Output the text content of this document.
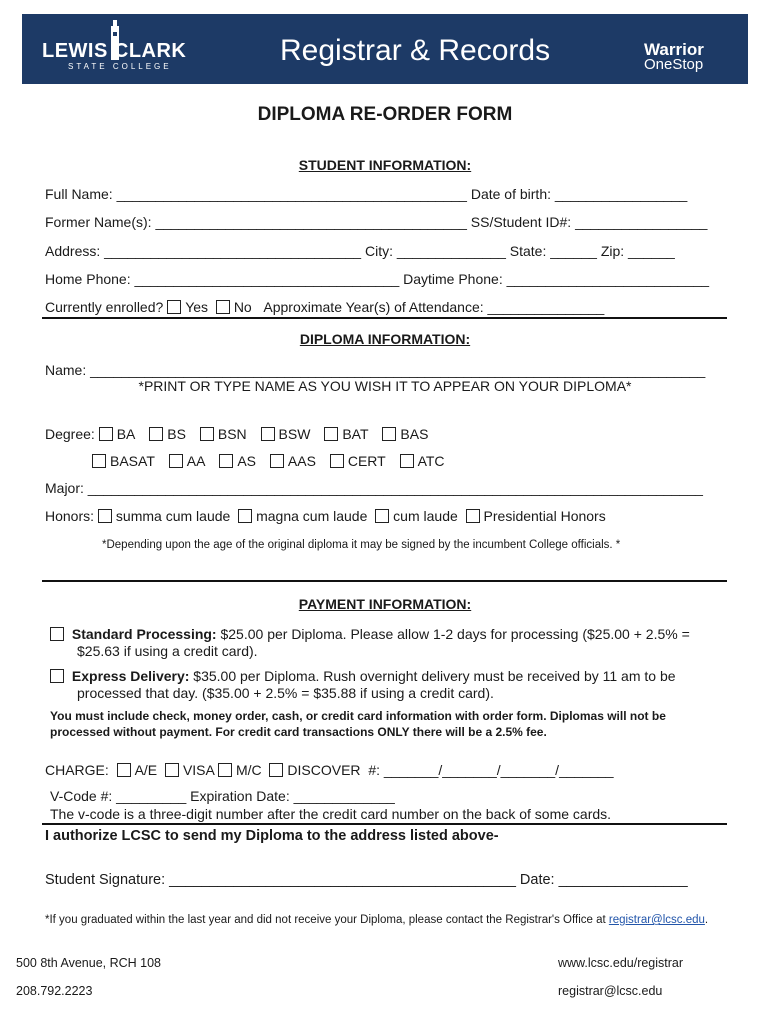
LEWIS CLARK
STATE COLLEGE	Registrar & Records	Warrior
OneStop
DIPLOMA RE-ORDER FORM
STUDENT INFORMATION:
Full Name: _____________________________________________ Date of birth: _________________
Former Name(s): ________________________________________ SS/Student ID#: _________________
Address: _________________________________ City: ______________ State: ______ Zip: ______
Home Phone: __________________________________ Daytime Phone: __________________________
Currently enrolled? Yes No Approximate Year(s) of Attendance: _______________
DIPLOMA INFORMATION:
Name: _______________________________________________________________________________
*PRINT OR TYPE NAME AS YOU WISH IT TO APPEAR ON YOUR DIPLOMA*
Degree: BA BS BSN BSW BAT BAS
BASAT AA AS AAS CERT ATC
Major: _______________________________________________________________________________
Honors: summa cum laude magna cum laude cum laude Presidential Honors
*Depending upon the age of the original diploma it may be signed by the incumbent College officials. *
PAYMENT INFORMATION:
Standard Processing: $25.00 per Diploma. Please allow 1-2 days for processing ($25.00 + 2.5% =
$25.63 if using a credit card).
Express Delivery: $35.00 per Diploma. Rush overnight delivery must be received by 11 am to be
processed that day. ($35.00 + 2.5% = $35.88 if using a credit card).
You must include check, money order, cash, or credit card information with order form. Diplomas will not be
processed without payment. For credit card transactions ONLY there will be a 2.5% fee.
CHARGE: A/E VISA M/C DISCOVER #: _______/_______/_______/_______
V-Code #: _________ Expiration Date: _____________
The v-code is a three-digit number after the credit card number on the back of some cards.
I authorize LCSC to send my Diploma to the address listed above-
Student Signature: ___________________________________________ Date: ________________
*If you graduated within the last year and did not receive your Diploma, please contact the Registrar's Office at registrar@lcsc.edu.
500 8th Avenue, RCH 108
208.792.2223
www.lcsc.edu/registrar
registrar@lcsc.edu
